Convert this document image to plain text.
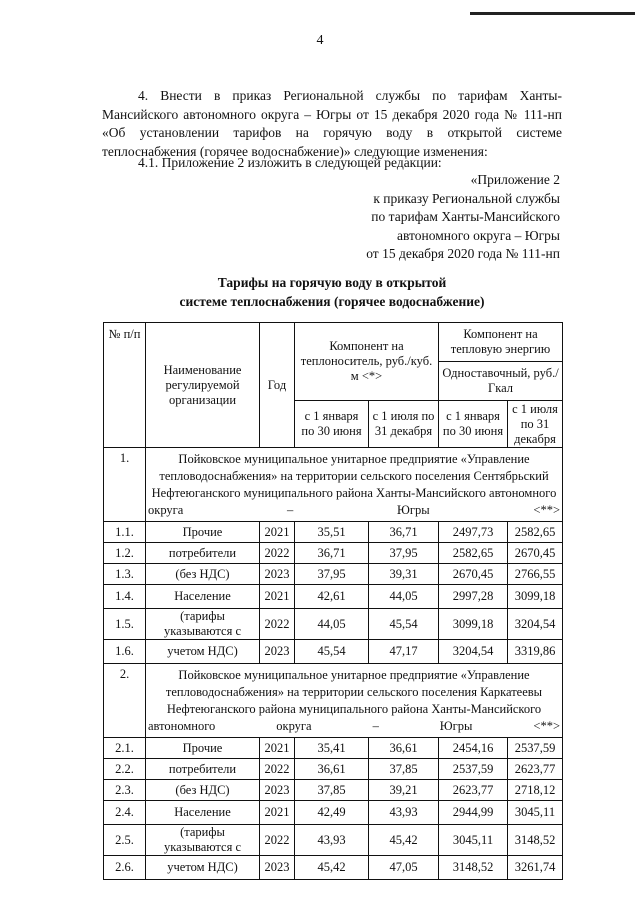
4
4. Внести в приказ Региональной службы по тарифам Ханты-Мансийского автономного округа – Югры от 15 декабря 2020 года № 111-нп «Об установлении тарифов на горячую воду в открытой системе теплоснабжения (горячее водоснабжение)» следующие изменения:
4.1. Приложение 2 изложить в следующей редакции:
«Приложение 2
к приказу Региональной службы
по тарифам Ханты-Мансийского
автономного округа – Югры
от 15 декабря 2020 года № 111-нп
Тарифы на горячую воду в открытой
системе теплоснабжения (горячее водоснабжение)
№ п/п	Наименование регулируемой организации	Год	Компонент на теплоноситель, руб./куб. м <*>		Компонент на тепловую энергию	
					Одноставочный, руб./Гкал	
			с 1 января по 30 июня	с 1 июля по 31 декабря	с 1 января по 30 июня	с 1 июля по 31 декабря
1.	Пойковское муниципальное унитарное предприятие «Управление тепловодоснабжения» на территории сельского поселения Сентябрьский Нефтеюганского муниципального района Ханты-Мансийского автономного округа – Югры <**>					
1.1.	Прочие	2021	35,51	36,71	2497,73	2582,65
1.2.	потребители	2022	36,71	37,95	2582,65	2670,45
1.3.	(без НДС)	2023	37,95	39,31	2670,45	2766,55
1.4.	Население	2021	42,61	44,05	2997,28	3099,18
1.5.	(тарифы
указываются с	2022	44,05	45,54	3099,18	3204,54
1.6.	учетом НДС)	2023	45,54	47,17	3204,54	3319,86
2.	Пойковское муниципальное унитарное предприятие «Управление тепловодоснабжения» на территории сельского поселения Каркатеевы Нефтеюганского района муниципального района Ханты-Мансийского автономного округа – Югры <**>					
2.1.	Прочие	2021	35,41	36,61	2454,16	2537,59
2.2.	потребители	2022	36,61	37,85	2537,59	2623,77
2.3.	(без НДС)	2023	37,85	39,21	2623,77	2718,12
2.4.	Население	2021	42,49	43,93	2944,99	3045,11
2.5.	(тарифы
указываются с	2022	43,93	45,42	3045,11	3148,52
2.6.	учетом НДС)	2023	45,42	47,05	3148,52	3261,74
